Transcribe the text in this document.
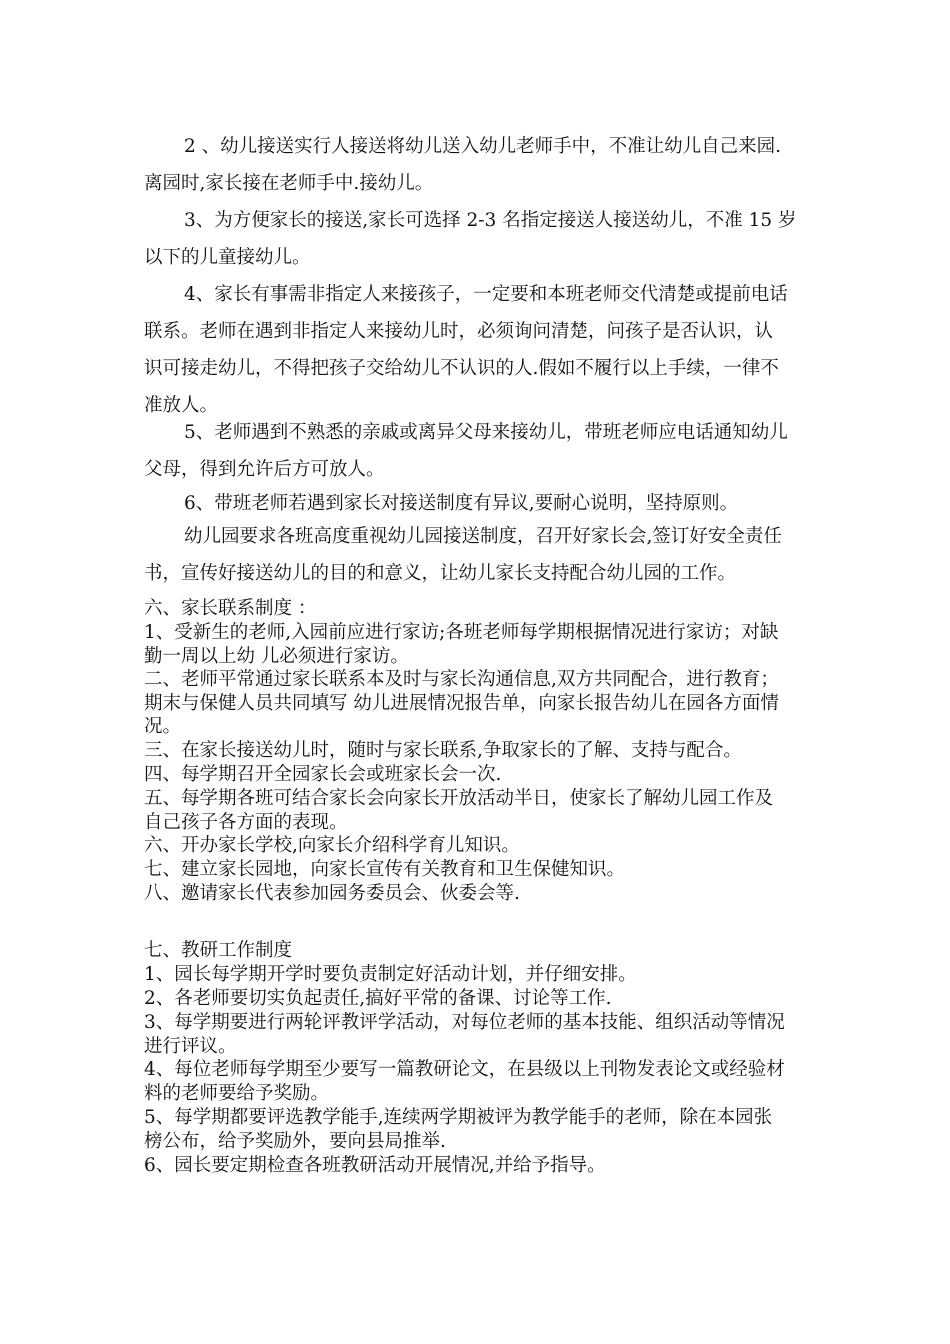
2 、幼儿接送实行人接送将幼儿送入幼儿老师手中，不准让幼儿自己来园.
离园时,家长接在老师手中.接幼儿。
3、为方便家长的接送,家长可选择 2-3 名指定接送人接送幼儿，不准 15 岁
以下的儿童接幼儿。
4、家长有事需非指定人来接孩子，一定要和本班老师交代清楚或提前电话
联系。老师在遇到非指定人来接幼儿时，必须询问清楚，问孩子是否认识，认
识可接走幼儿，不得把孩子交给幼儿不认识的人.假如不履行以上手续，一律不
准放人。
5、老师遇到不熟悉的亲戚或离异父母来接幼儿，带班老师应电话通知幼儿
父母，得到允许后方可放人。
6、带班老师若遇到家长对接送制度有异议,要耐心说明，坚持原则。
幼儿园要求各班高度重视幼儿园接送制度，召开好家长会,签订好安全责任
书，宣传好接送幼儿的目的和意义，让幼儿家长支持配合幼儿园的工作。
六、家长联系制度 ：
1、受新生的老师,入园前应进行家访;各班老师每学期根据情况进行家访；对缺
勤一周以上幼 儿必须进行家访。
二、老师平常通过家长联系本及时与家长沟通信息,双方共同配合，进行教育；
期末与保健人员共同填写 幼儿进展情况报告单，向家长报告幼儿在园各方面情
况。
三、在家长接送幼儿时，随时与家长联系,争取家长的了解、支持与配合。
四、每学期召开全园家长会或班家长会一次.
五、每学期各班可结合家长会向家长开放活动半日，使家长了解幼儿园工作及
自己孩子各方面的表现。
六、开办家长学校,向家长介绍科学育儿知识。
七、建立家长园地，向家长宣传有关教育和卫生保健知识。
八、邀请家长代表参加园务委员会、伙委会等.
七、教研工作制度
1、园长每学期开学时要负责制定好活动计划，并仔细安排。
2、各老师要切实负起责任,搞好平常的备课、讨论等工作.
3、每学期要进行两轮评教评学活动，对每位老师的基本技能、组织活动等情况
进行评议。
4、每位老师每学期至少要写一篇教研论文，在县级以上刊物发表论文或经验材
料的老师要给予奖励。
5、每学期都要评选教学能手,连续两学期被评为教学能手的老师，除在本园张
榜公布，给予奖励外，要向县局推举.
6、园长要定期检查各班教研活动开展情况,并给予指导。
